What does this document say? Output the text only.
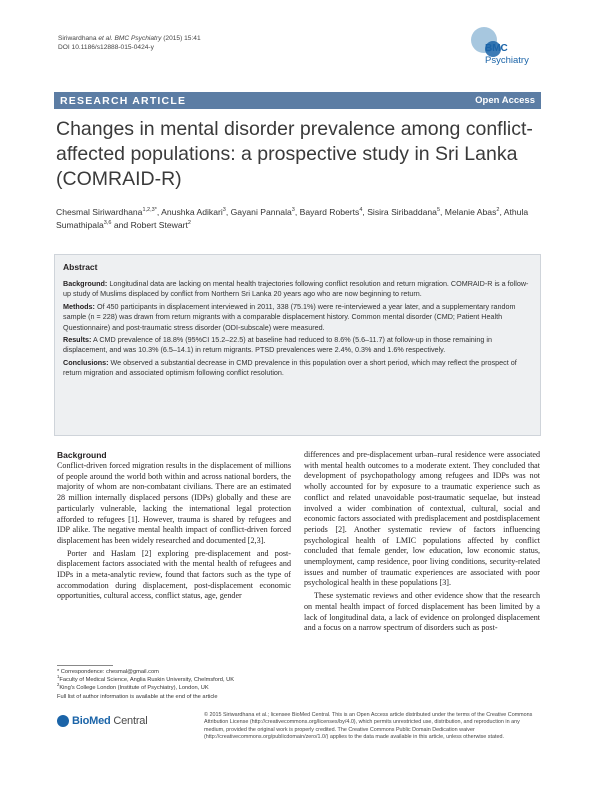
Siriwardhana et al. BMC Psychiatry (2015) 15:41
DOI 10.1186/s12888-015-0424-y	BMC
Psychiatry
RESEARCH ARTICLE	Open Access
Changes in mental disorder prevalence among conflict-affected populations: a prospective study in Sri Lanka (COMRAID-R)
Chesmal Siriwardhana$^{1,2,3*}$, Anushka Adikari$^3$, Gayani Pannala$^3$, Bayard Roberts$^4$, Sisira Siribaddana$^5$, Melanie Abas$^2$, Athula Sumathipala$^{3,6}$ and Robert Stewart$^2$
Abstract

Background: Longitudinal data are lacking on mental health trajectories following conflict resolution and return migration. COMRAID-R is a follow-up study of Muslims displaced by conflict from Northern Sri Lanka 20 years ago who are now beginning to return.

Methods: Of 450 participants in displacement interviewed in 2011, 338 (75.1%) were re-interviewed a year later, and a supplementary random sample (n = 228) was drawn from return migrants with a comparable displacement history. Common mental disorder (CMD; Patient Health Questionnaire) and post-traumatic stress disorder (ODI-subscale) were measured.

Results: A CMD prevalence of 18.8% (95%CI 15.2–22.5) at baseline had reduced to 8.6% (5.6–11.7) at follow-up in those remaining in displacement, and was 10.3% (6.5–14.1) in return migrants. PTSD prevalences were 2.4%, 0.3% and 1.6% respectively.

Conclusions: We observed a substantial decrease in CMD prevalence in this population over a short period, which may reflect the prospect of return migration and associated optimism following conflict resolution.

Background

Conflict-driven forced migration results in the displacement of millions of people around the world both within and across national borders, the majority of whom are non-combatant civilians. There are an estimated 28 million internally displaced persons (IDPs) globally and these are particularly vulnerable, lacking the international legal protection afforded to refugees [1]. However, trauma is shared by refugees and IDP alike. The negative mental health impact of conflict-driven forced displacement has been widely researched and documented [2,3].

Porter and Haslam [2] exploring pre-displacement and post-displacement factors associated with the mental health of refugees and IDPs in a meta-analytic review, found that factors such as the type of accommodation during displacement, post-displacement economic opportunities, cultural access, conflict status, age, gender

differences and pre-displacement urban–rural residence were associated with mental health outcomes to a moderate extent. They concluded that development of psychopathology among refugees and IDPs was not wholly accounted for by exposure to a traumatic experience such as conflict and related unavoidable post-traumatic sequelae, but instead involved a wider combination of contextual, cultural, social and economic factors associated with predisplacement and postdisplacement periods [2]. Another systematic review of factors influencing psychological health of LMIC populations affected by conflict concluded that female gender, low education, low economic status, unemployment, camp residence, poor living conditions, security-related issues and number of traumatic experiences are associated with poor psychological health in these populations [3].

These systematic reviews and other evidence show that the research on mental health impact of forced displacement has been limited by a lack of longitudinal data, a lack of evidence on prolonged displacement and a focus on a narrow spectrum of disorders such as post-

* Correspondence: chesmal@gmail.com
$^1$Faculty of Medical Science, Anglia Ruskin University, Chelmsford, UK
$^2$King's College London (Institute of Psychiatry), London, UK
Full list of author information is available at the end of the article
BioMed Central	© 2015 Siriwardhana et al.; licensee BioMed Central. This is an Open Access article distributed under the terms of the Creative Commons Attribution License (http://creativecommons.org/licenses/by/4.0), which permits unrestricted use, distribution, and reproduction in any medium, provided the original work is properly credited. The Creative Commons Public Domain Dedication waiver (http://creativecommons.org/publicdomain/zero/1.0/) applies to the data made available in this article, unless otherwise stated.
